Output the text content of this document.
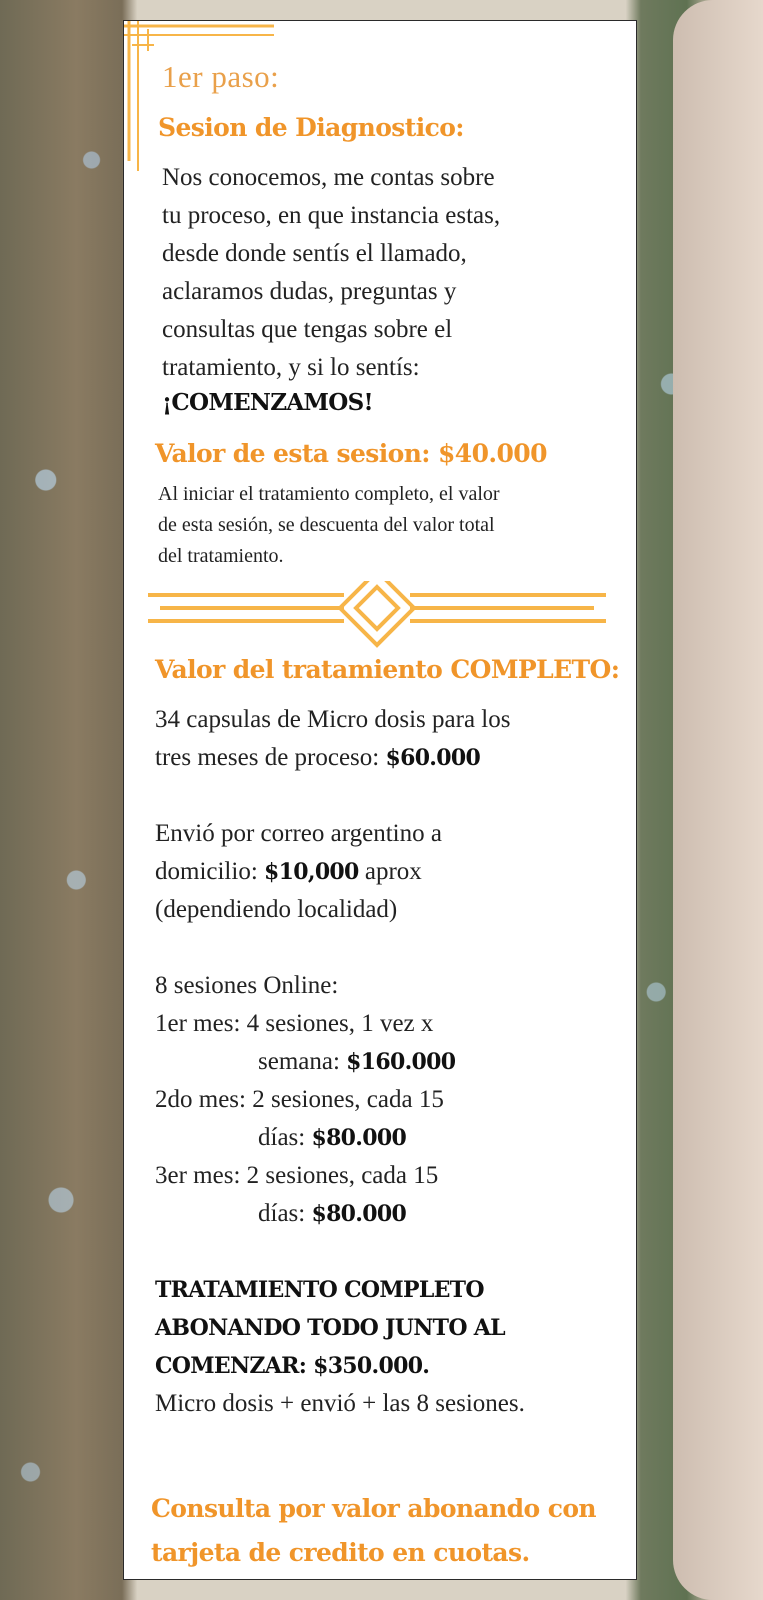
1er paso:

Sesion de Diagnostico:

Nos conocemos, me contas sobre
tu proceso, en que instancia estas,
desde donde sentís el llamado,
aclaramos dudas, preguntas y
consultas que tengas sobre el
tratamiento, y si lo sentís:

¡COMENZAMOS!

Valor de esta sesion: $40.000

Al iniciar el tratamiento completo, el valor
de esta sesión, se descuenta del valor total
del tratamiento.

Valor del tratamiento COMPLETO:

34 capsulas de Micro dosis para los
tres meses de proceso: $60.000
Envió por correo argentino a
domicilio: $10,000 aprox
(dependiendo localidad)
8 sesiones Online:
1er mes: 4 sesiones, 1 vez x
semana: $160.000
2do mes: 2 sesiones, cada 15
días: $80.000
3er mes: 2 sesiones, cada 15
días: $80.000
TRATAMIENTO COMPLETO
ABONANDO TODO JUNTO AL
COMENZAR: $350.000.
Micro dosis + envió + las 8 sesiones.

Consulta por valor abonando con

tarjeta de credito en cuotas.
